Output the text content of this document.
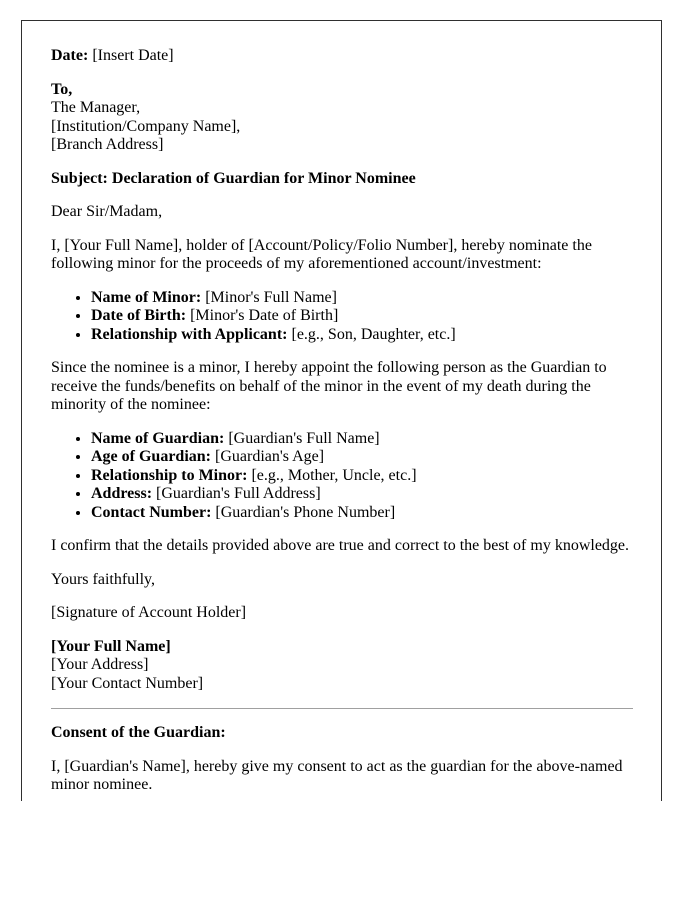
Date: [Insert Date]

To,
The Manager,
[Institution/Company Name],
[Branch Address]

Subject: Declaration of Guardian for Minor Nominee

Dear Sir/Madam,

I, [Your Full Name], holder of [Account/Policy/Folio Number], hereby nominate the following minor for the proceeds of my aforementioned account/investment:

• Name of Minor: [Minor's Full Name]
• Date of Birth: [Minor's Date of Birth]
• Relationship with Applicant: [e.g., Son, Daughter, etc.]

Since the nominee is a minor, I hereby appoint the following person as the Guardian to receive the funds/benefits on behalf of the minor in the event of my death during the minority of the nominee:

• Name of Guardian: [Guardian's Full Name]
• Age of Guardian: [Guardian's Age]
• Relationship to Minor: [e.g., Mother, Uncle, etc.]
• Address: [Guardian's Full Address]
• Contact Number: [Guardian's Phone Number]

I confirm that the details provided above are true and correct to the best of my knowledge.

Yours faithfully,

[Signature of Account Holder]

[Your Full Name]
[Your Address]
[Your Contact Number]

Consent of the Guardian:

I, [Guardian's Name], hereby give my consent to act as the guardian for the above-named minor nominee.
